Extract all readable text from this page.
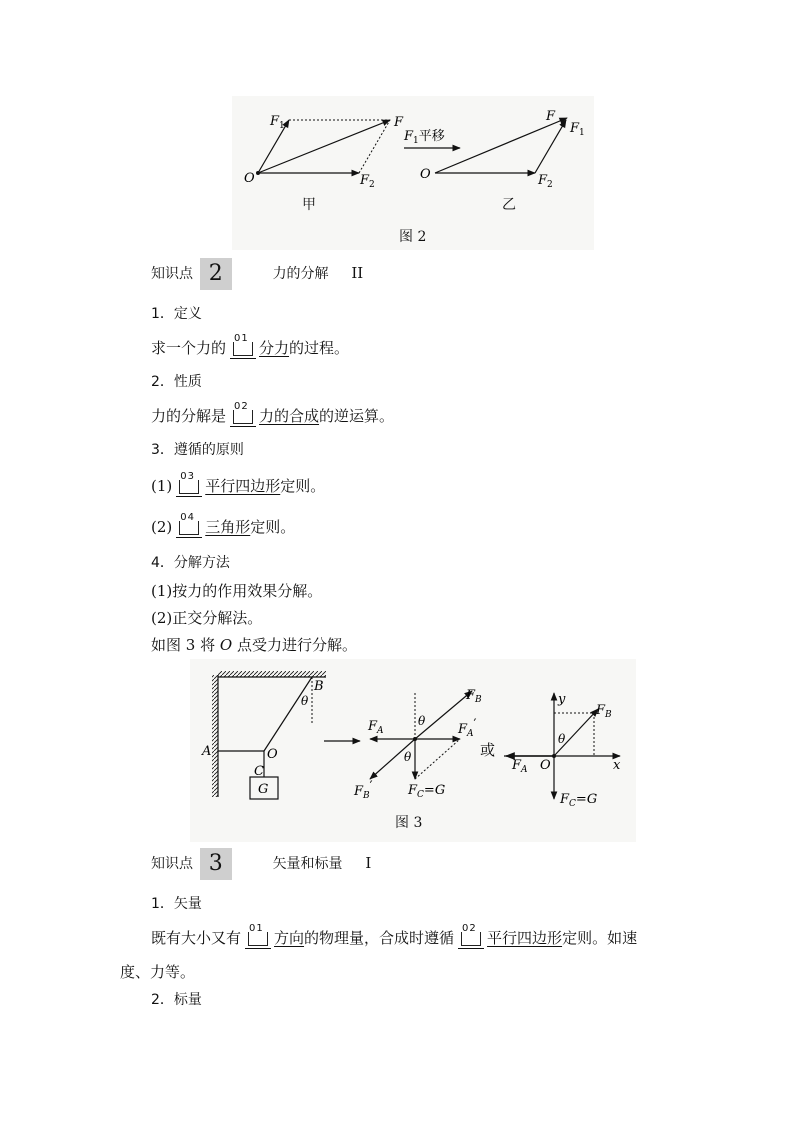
$F_1$	F
O	$F_2$
$F_1$平移
F
$F_1$
O	$F_2$
甲	乙
图 2
知识点 2	力的分解 II
1．定义
求一个力的
01
分力的过程。
2．性质
力的分解是
02
力的合成的逆运算。
3．遵循的原则
(1)
03
平行四边形定则。
(2)
04
三角形定则。
4．分解方法
(1)按力的作用效果分解。
(2)正交分解法。
如图 3 将 O 点受力进行分解。
B
θ
A	O
C
G
$F_B$
$F_A$	$F_A'$
θ
θ
$F_B'$	$F_C=G$
或
y
$F_B$
θ
$F_A$ O	x
$F_C=G$
图 3
知识点 3	矢量和标量 I
1．矢量
既有大小又有
01
方向的物理量，合成时遵循
02
平行四边形定则。如速
度、力等。
2．标量
